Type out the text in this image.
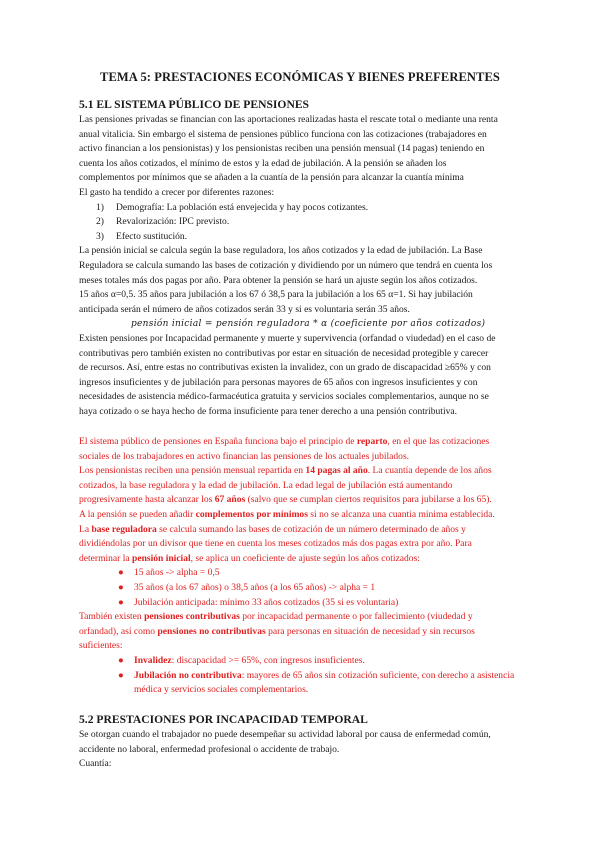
TEMA 5: PRESTACIONES ECONÓMICAS Y BIENES PREFERENTES
5.1 EL SISTEMA PÚBLICO DE PENSIONES
Las pensiones privadas se financian con las aportaciones realizadas hasta el rescate total o mediante una renta
anual vitalicia. Sin embargo el sistema de pensiones público funciona con las cotizaciones (trabajadores en
activo financian a los pensionistas) y los pensionistas reciben una pensión mensual (14 pagas) teniendo en
cuenta los años cotizados, el mínimo de estos y la edad de jubilación. A la pensión se añaden los
complementos por mínimos que se añaden a la cuantía de la pensión para alcanzar la cuantía mínima
El gasto ha tendido a crecer por diferentes razones:
1) Demografía: La población está envejecida y hay pocos cotizantes.
2) Revalorización: IPC previsto.
3) Efecto sustitución.
La pensión inicial se calcula según la base reguladora, los años cotizados y la edad de jubilación. La Base
Reguladora se calcula sumando las bases de cotización y dividiendo por un número que tendrá en cuenta los
meses totales más dos pagas por año. Para obtener la pensión se hará un ajuste según los años cotizados.
15 años α=0,5. 35 años para jubilación a los 67 ó 38,5 para la jubilación a los 65 α=1. Si hay jubilación
anticipada serán el número de años cotizados serán 33 y si es voluntaria serán 35 años.
pensión inicial = pensión reguladora * α (coeficiente por años cotizados)
Existen pensiones por Incapacidad permanente y muerte y supervivencia (orfandad o viudedad) en el caso de
contributivas pero también existen no contributivas por estar en situación de necesidad protegible y carecer
de recursos. Así, entre estas no contributivas existen la invalidez, con un grado de discapacidad ≥65% y con
ingresos insuficientes y de jubilación para personas mayores de 65 años con ingresos insuficientes y con
necesidades de asistencia médico-farmacéutica gratuita y servicios sociales complementarios, aunque no se
haya cotizado o se haya hecho de forma insuficiente para tener derecho a una pensión contributiva.
El sistema público de pensiones en España funciona bajo el principio de reparto, en el que las cotizaciones
sociales de los trabajadores en activo financian las pensiones de los actuales jubilados.
Los pensionistas reciben una pensión mensual repartida en 14 pagas al año. La cuantía depende de los años
cotizados, la base reguladora y la edad de jubilación. La edad legal de jubilación está aumentando
progresivamente hasta alcanzar los 67 años (salvo que se cumplan ciertos requisitos para jubilarse a los 65).
A la pensión se pueden añadir complementos por mínimos si no se alcanza una cuantía mínima establecida.
La base reguladora se calcula sumando las bases de cotización de un número determinado de años y
dividiéndolas por un divisor que tiene en cuenta los meses cotizados más dos pagas extra por año. Para
determinar la pensión inicial, se aplica un coeficiente de ajuste según los años cotizados:
● 15 años -> alpha = 0,5
● 35 años (a los 67 años) o 38,5 años (a los 65 años) -> alpha = 1
● Jubilación anticipada: mínimo 33 años cotizados (35 si es voluntaria)
También existen pensiones contributivas por incapacidad permanente o por fallecimiento (viudedad y
orfandad), así como pensiones no contributivas para personas en situación de necesidad y sin recursos
suficientes:
● Invalidez: discapacidad >= 65%, con ingresos insuficientes.
● Jubilación no contributiva: mayores de 65 años sin cotización suficiente, con derecho a asistencia
médica y servicios sociales complementarios.
5.2 PRESTACIONES POR INCAPACIDAD TEMPORAL
Se otorgan cuando el trabajador no puede desempeñar su actividad laboral por causa de enfermedad común,
accidente no laboral, enfermedad profesional o accidente de trabajo.
Cuantía:
